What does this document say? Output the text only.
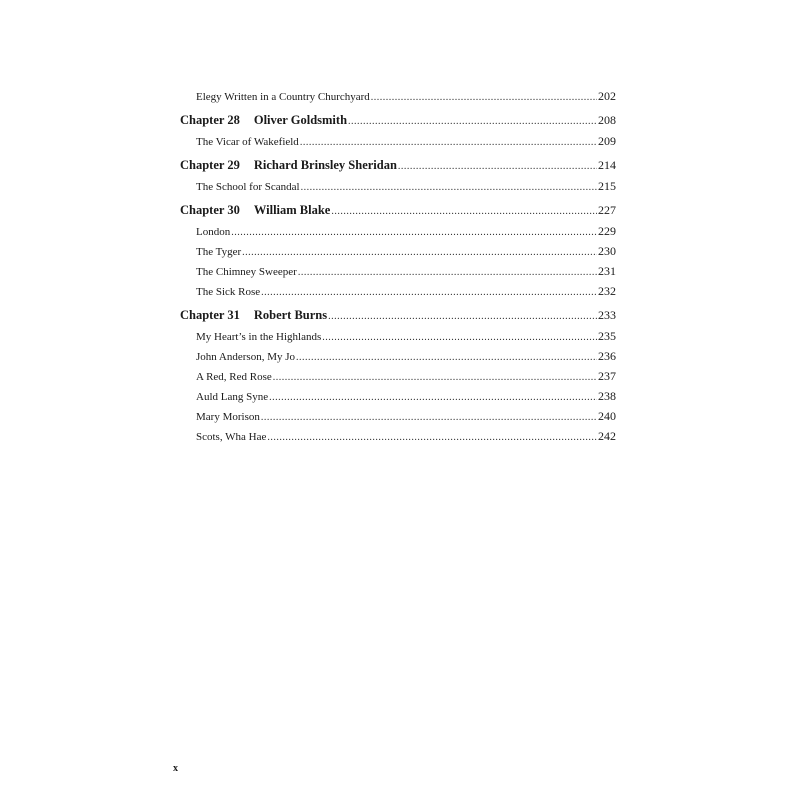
Elegy Written in a Country Churchyard .....	202
Chapter 28 Oliver Goldsmith .....	208
The Vicar of Wakefield .....	209
Chapter 29 Richard Brinsley Sheridan .....	214
The School for Scandal .....	215
Chapter 30 William Blake .....	227
London .....	229
The Tyger .....	230
The Chimney Sweeper .....	231
The Sick Rose .....	232
Chapter 31 Robert Burns .....	233
My Heart’s in the Highlands .....	235
John Anderson, My Jo .....	236
A Red, Red Rose .....	237
Auld Lang Syne .....	238
Mary Morison .....	240
Scots, Wha Hae .....	242
x
